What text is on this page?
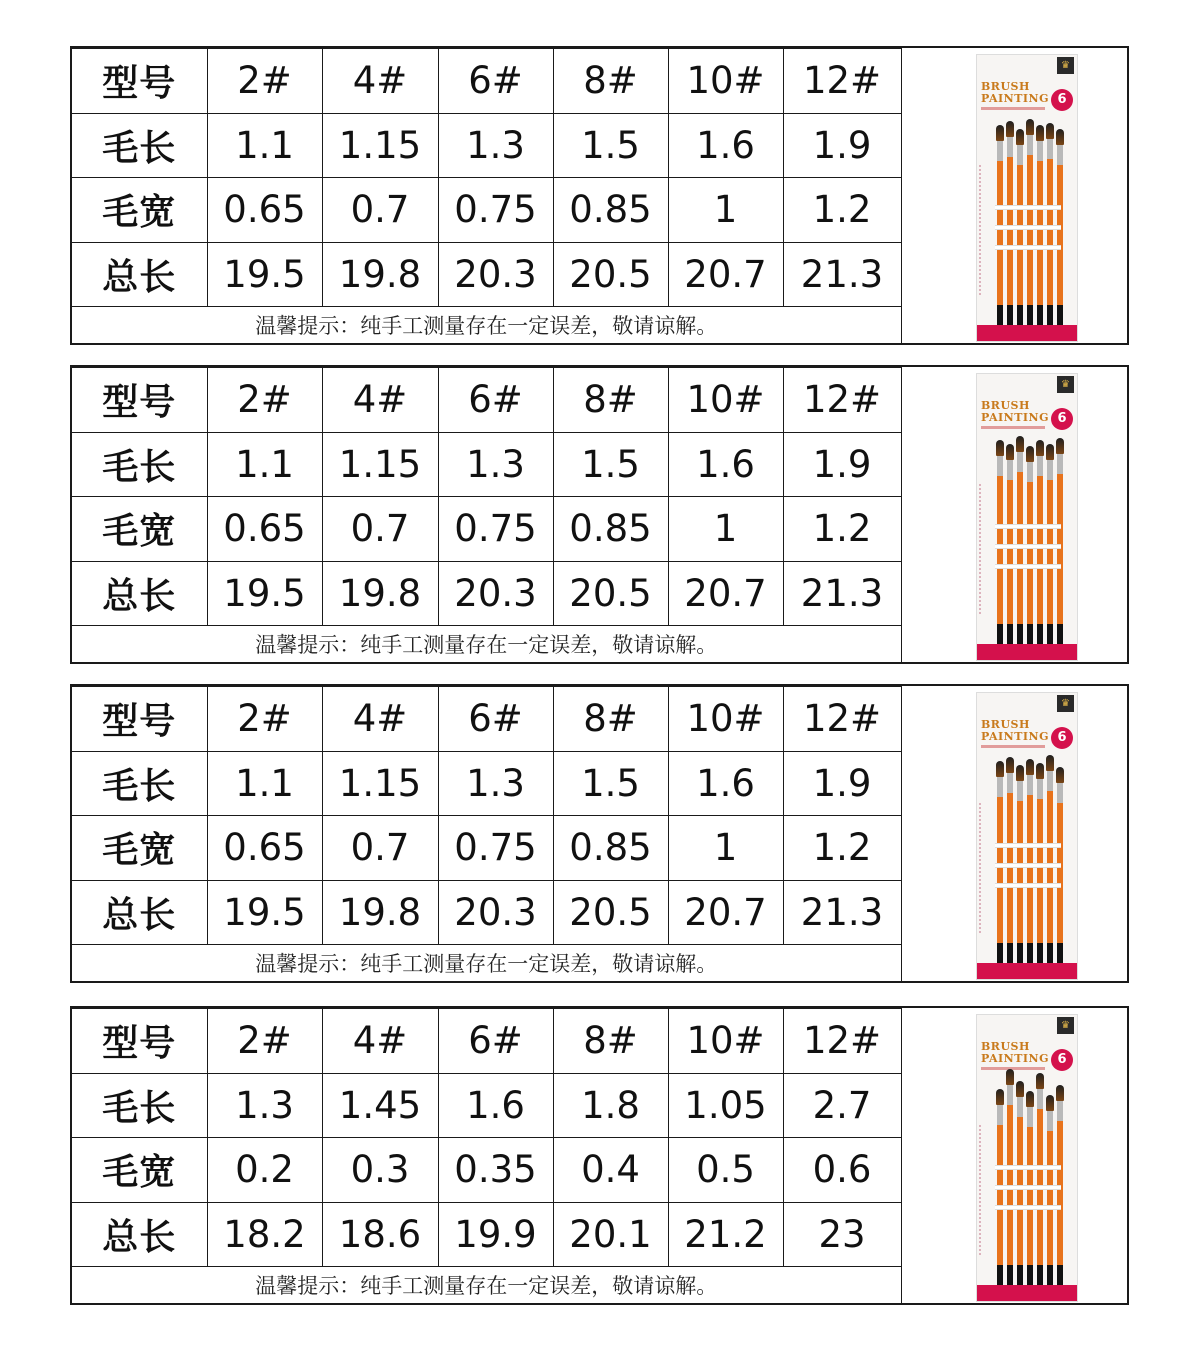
型号	2#	4#	6#	8#	10#	12#
毛长	1.1	1.15	1.3	1.5	1.6	1.9
毛宽	0.65	0.7	0.75	0.85	1	1.2
总长	19.5	19.8	20.3	20.5	20.7	21.3
温馨提示：纯手工测量存在一定误差，敬请谅解。						
♛
BRUSH
PAINTING 6
型号	2#	4#	6#	8#	10#	12#
毛长	1.1	1.15	1.3	1.5	1.6	1.9
毛宽	0.65	0.7	0.75	0.85	1	1.2
总长	19.5	19.8	20.3	20.5	20.7	21.3
温馨提示：纯手工测量存在一定误差，敬请谅解。						
♛
BRUSH
PAINTING 6
型号	2#	4#	6#	8#	10#	12#
毛长	1.1	1.15	1.3	1.5	1.6	1.9
毛宽	0.65	0.7	0.75	0.85	1	1.2
总长	19.5	19.8	20.3	20.5	20.7	21.3
温馨提示：纯手工测量存在一定误差，敬请谅解。						
♛
BRUSH
PAINTING 6
型号	2#	4#	6#	8#	10#	12#
毛长	1.3	1.45	1.6	1.8	1.05	2.7
毛宽	0.2	0.3	0.35	0.4	0.5	0.6
总长	18.2	18.6	19.9	20.1	21.2	23
温馨提示：纯手工测量存在一定误差，敬请谅解。						
♛
BRUSH
PAINTING 6
